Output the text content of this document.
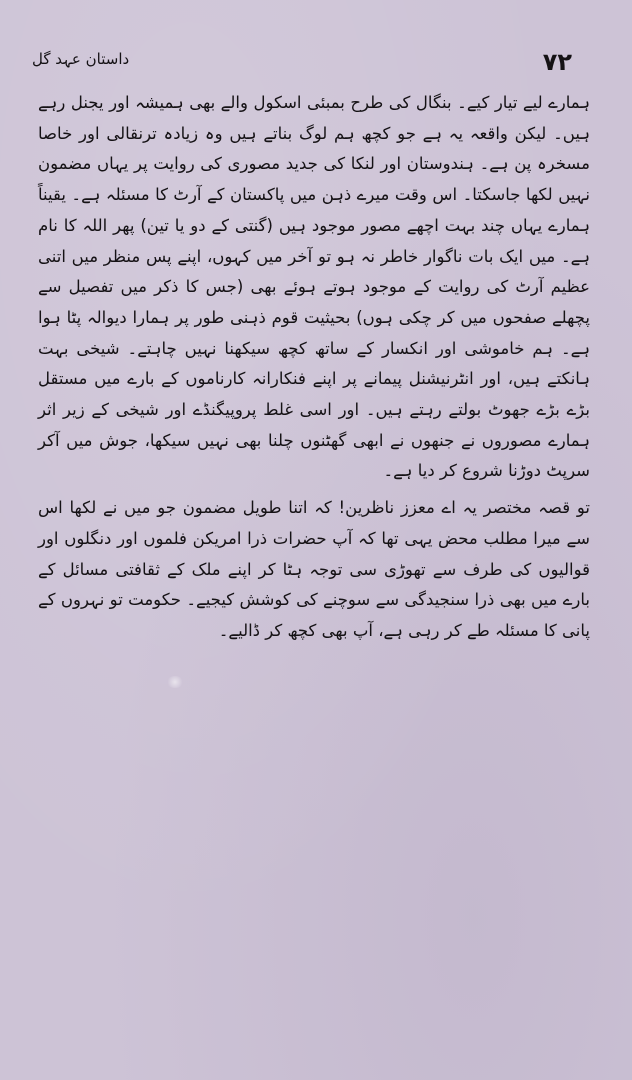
۷۲
داستان عہد گل

ہمارے لیے تیار کیے۔ بنگال کی طرح بمبئی اسکول والے بھی ہمیشہ اور یجنل رہے ہیں۔ لیکن واقعہ یہ ہے جو کچھ ہم لوگ بناتے ہیں وہ زیادہ ترنقالی اور خاصا مسخرہ پن ہے۔ ہندوستان اور لنکا کی جدید مصوری کی روایت پر یہاں مضمون نہیں لکھا جاسکتا۔ اس وقت میرے ذہن میں پاکستان کے آرٹ کا مسئلہ ہے۔ یقیناً ہمارے یہاں چند بہت اچھے مصور موجود ہیں (گنتی کے دو یا تین) پھر اللہ کا نام ہے۔ میں ایک بات ناگوار خاطر نہ ہو تو آخر میں کہوں، اپنے پس منظر میں اتنی عظیم آرٹ کی روایت کے موجود ہوتے ہوئے بھی (جس کا ذکر میں تفصیل سے پچھلے صفحوں میں کر چکی ہوں) بحیثیت قوم ذہنی طور پر ہمارا دیوالہ پٹا ہوا ہے۔ ہم خاموشی اور انکسار کے ساتھ کچھ سیکھنا نہیں چاہتے۔ شیخی بہت ہانکتے ہیں، اور انٹرنیشنل پیمانے پر اپنے فنکارانہ کارناموں کے بارے میں مستقل بڑے بڑے جھوٹ بولتے رہتے ہیں۔ اور اسی غلط پروپیگنڈے اور شیخی کے زیر اثر ہمارے مصوروں نے جنھوں نے ابھی گھٹنوں چلنا بھی نہیں سیکھا، جوش میں آکر سرپٹ دوڑنا شروع کر دیا ہے۔

تو قصہ مختصر یہ اے معزز ناظرین! کہ اتنا طویل مضمون جو میں نے لکھا اس سے میرا مطلب محض یہی تھا کہ آپ حضرات ذرا امریکن فلموں اور دنگلوں اور قوالیوں کی طرف سے تھوڑی سی توجہ ہٹا کر اپنے ملک کے ثقافتی مسائل کے بارے میں بھی ذرا سنجیدگی سے سوچنے کی کوشش کیجیے۔ حکومت تو نہروں کے پانی کا مسئلہ طے کر رہی ہے، آپ بھی کچھ کر ڈالیے۔
